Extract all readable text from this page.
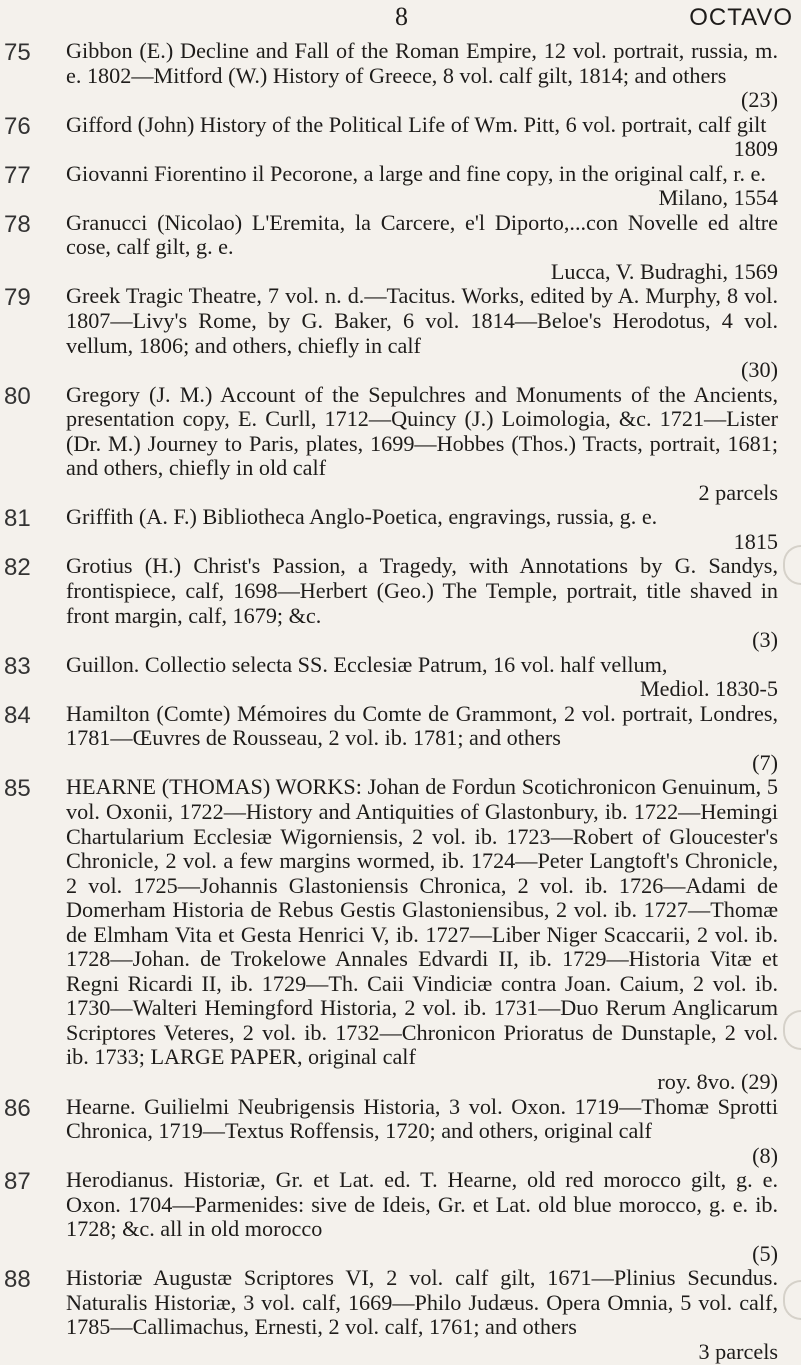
8	OCTAVO
75	Gibbon (E.) Decline and Fall of the Roman Empire, 12 vol. portrait, russia, m. e. 1802—Mitford (W.) History of Greece, 8 vol. calf gilt, 1814; and others
(23)
76	Gifford (John) History of the Political Life of Wm. Pitt, 6 vol. portrait, calf gilt
1809
77	Giovanni Fiorentino il Pecorone, a large and fine copy, in the original calf, r. e.
Milano, 1554
78	Granucci (Nicolao) L'Eremita, la Carcere, e'l Diporto,...con Novelle ed altre cose, calf gilt, g. e.
Lucca, V. Budraghi, 1569
79	Greek Tragic Theatre, 7 vol. n. d.—Tacitus. Works, edited by A. Murphy, 8 vol. 1807—Livy's Rome, by G. Baker, 6 vol. 1814—Beloe's Herodotus, 4 vol. vellum, 1806; and others, chiefly in calf
(30)
80	Gregory (J. M.) Account of the Sepulchres and Monuments of the Ancients, presentation copy, E. Curll, 1712—Quincy (J.) Loimologia, &c. 1721—Lister (Dr. M.) Journey to Paris, plates, 1699—Hobbes (Thos.) Tracts, portrait, 1681; and others, chiefly in old calf
2 parcels
81	Griffith (A. F.) Bibliotheca Anglo-Poetica, engravings, russia, g. e.
1815
82	Grotius (H.) Christ's Passion, a Tragedy, with Annotations by G. Sandys, frontispiece, calf, 1698—Herbert (Geo.) The Temple, portrait, title shaved in front margin, calf, 1679; &c.
(3)
83	Guillon. Collectio selecta SS. Ecclesiæ Patrum, 16 vol. half vellum,
Mediol. 1830-5
84	Hamilton (Comte) Mémoires du Comte de Grammont, 2 vol. portrait, Londres, 1781—Œuvres de Rousseau, 2 vol. ib. 1781; and others
(7)
85	HEARNE (THOMAS) WORKS: Johan de Fordun Scotichronicon Genuinum, 5 vol. Oxonii, 1722—History and Antiquities of Glastonbury, ib. 1722—Hemingi Chartularium Ecclesiæ Wigorniensis, 2 vol. ib. 1723—Robert of Gloucester's Chronicle, 2 vol. a few margins wormed, ib. 1724—Peter Langtoft's Chronicle, 2 vol. 1725—Johannis Glastoniensis Chronica, 2 vol. ib. 1726—Adami de Domerham Historia de Rebus Gestis Glastoniensibus, 2 vol. ib. 1727—Thomæ de Elmham Vita et Gesta Henrici V, ib. 1727—Liber Niger Scaccarii, 2 vol. ib. 1728—Johan. de Trokelowe Annales Edvardi II, ib. 1729—Historia Vitæ et Regni Ricardi II, ib. 1729—Th. Caii Vindiciæ contra Joan. Caium, 2 vol. ib. 1730—Walteri Hemingford Historia, 2 vol. ib. 1731—Duo Rerum Anglicarum Scriptores Veteres, 2 vol. ib. 1732—Chronicon Prioratus de Dunstaple, 2 vol. ib. 1733; LARGE PAPER, original calf
roy. 8vo. (29)
86	Hearne. Guilielmi Neubrigensis Historia, 3 vol. Oxon. 1719—Thomæ Sprotti Chronica, 1719—Textus Roffensis, 1720; and others, original calf
(8)
87	Herodianus. Historiæ, Gr. et Lat. ed. T. Hearne, old red morocco gilt, g. e. Oxon. 1704—Parmenides: sive de Ideis, Gr. et Lat. old blue morocco, g. e. ib. 1728; &c. all in old morocco
(5)
88	Historiæ Augustæ Scriptores VI, 2 vol. calf gilt, 1671—Plinius Secundus. Naturalis Historiæ, 3 vol. calf, 1669—Philo Judæus. Opera Omnia, 5 vol. calf, 1785—Callimachus, Ernesti, 2 vol. calf, 1761; and others
3 parcels
